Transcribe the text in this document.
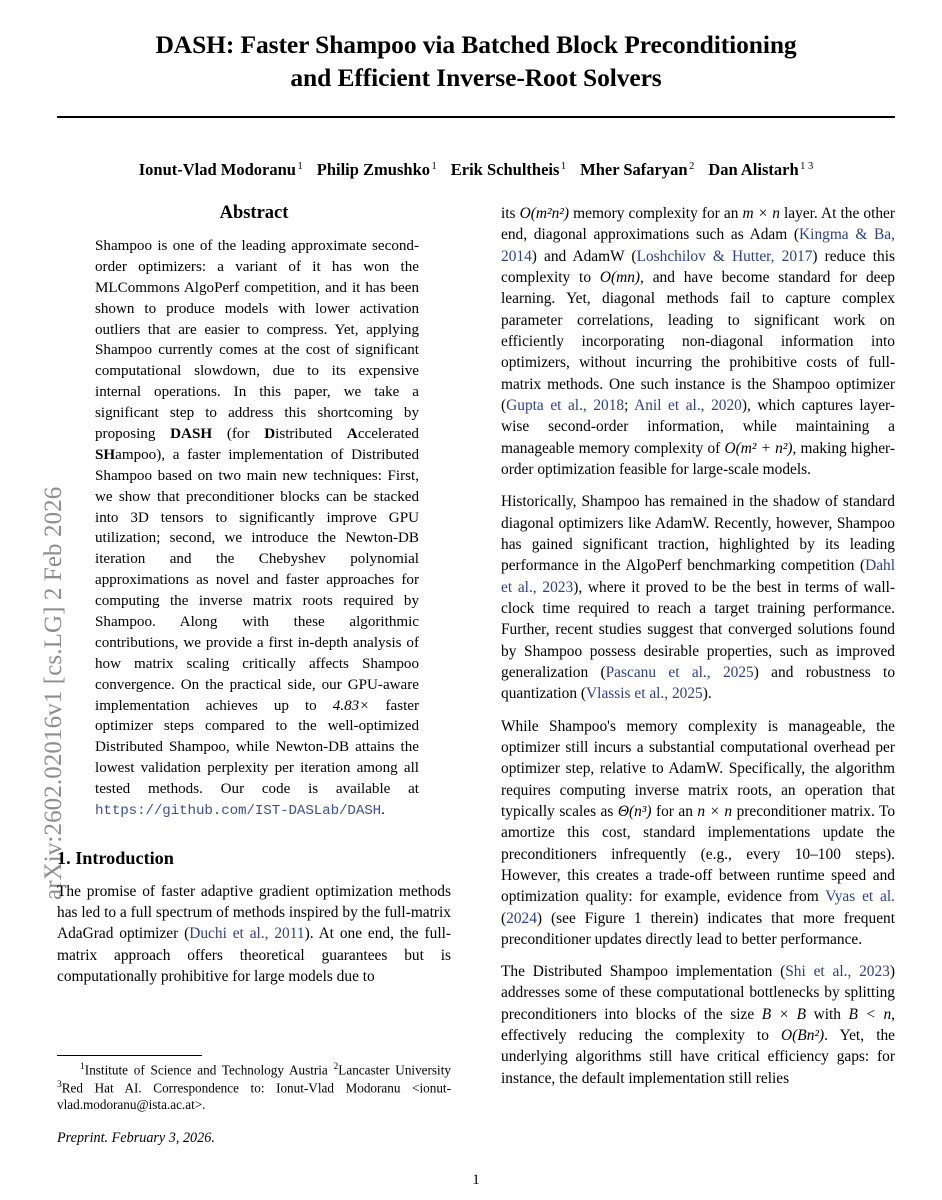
arXiv:2602.02016v1 [cs.LG] 2 Feb 2026
DASH: Faster Shampoo via Batched Block Preconditioning
and Efficient Inverse-Root Solvers
Ionut-Vlad Modoranu $^1$ Philip Zmushko $^1$ Erik Schultheis $^1$ Mher Safaryan $^2$ Dan Alistarh $^{1 3}$
Abstract
Shampoo is one of the leading approximate second-order optimizers: a variant of it has won the MLCommons AlgoPerf competition, and it has been shown to produce models with lower activation outliers that are easier to compress. Yet, applying Shampoo currently comes at the cost of significant computational slowdown, due to its expensive internal operations. In this paper, we take a significant step to address this shortcoming by proposing DASH (for Distributed Accelerated SHampoo), a faster implementation of Distributed Shampoo based on two main new techniques: First, we show that preconditioner blocks can be stacked into 3D tensors to significantly improve GPU utilization; second, we introduce the Newton-DB iteration and the Chebyshev polynomial approximations as novel and faster approaches for computing the inverse matrix roots required by Shampoo. Along with these algorithmic contributions, we provide a first in-depth analysis of how matrix scaling critically affects Shampoo convergence. On the practical side, our GPU-aware implementation achieves up to 4.83× faster optimizer steps compared to the well-optimized Distributed Shampoo, while Newton-DB attains the lowest validation perplexity per iteration among all tested methods. Our code is available at https://github.com/IST-DASLab/DASH.
1. Introduction

The promise of faster adaptive gradient optimization methods has led to a full spectrum of methods inspired by the full-matrix AdaGrad optimizer (Duchi et al., 2011). At one end, the full-matrix approach offers theoretical guarantees but is computationally prohibitive for large models due to

its O(m²n²) memory complexity for an m × n layer. At the other end, diagonal approximations such as Adam (Kingma & Ba, 2014) and AdamW (Loshchilov & Hutter, 2017) reduce this complexity to O(mn), and have become standard for deep learning. Yet, diagonal methods fail to capture complex parameter correlations, leading to significant work on efficiently incorporating non-diagonal information into optimizers, without incurring the prohibitive costs of full-matrix methods. One such instance is the Shampoo optimizer (Gupta et al., 2018; Anil et al., 2020), which captures layer-wise second-order information, while maintaining a manageable memory complexity of O(m² + n²), making higher-order optimization feasible for large-scale models.

Historically, Shampoo has remained in the shadow of standard diagonal optimizers like AdamW. Recently, however, Shampoo has gained significant traction, highlighted by its leading performance in the AlgoPerf benchmarking competition (Dahl et al., 2023), where it proved to be the best in terms of wall-clock time required to reach a target training performance. Further, recent studies suggest that converged solutions found by Shampoo possess desirable properties, such as improved generalization (Pascanu et al., 2025) and robustness to quantization (Vlassis et al., 2025).

While Shampoo's memory complexity is manageable, the optimizer still incurs a substantial computational overhead per optimizer step, relative to AdamW. Specifically, the algorithm requires computing inverse matrix roots, an operation that typically scales as Θ(n³) for an n × n preconditioner matrix. To amortize this cost, standard implementations update the preconditioners infrequently (e.g., every 10–100 steps). However, this creates a trade-off between runtime speed and optimization quality: for example, evidence from Vyas et al. (2024) (see Figure 1 therein) indicates that more frequent preconditioner updates directly lead to better performance.

The Distributed Shampoo implementation (Shi et al., 2023) addresses some of these computational bottlenecks by splitting preconditioners into blocks of the size B × B with B < n, effectively reducing the complexity to O(Bn²). Yet, the underlying algorithms still have critical efficiency gaps: for instance, the default implementation still relies

$^1$Institute of Science and Technology Austria $^2$Lancaster University $^3$Red Hat AI. Correspondence to: Ionut-Vlad Modoranu <ionut-vlad.modoranu@ista.ac.at>.

Preprint. February 3, 2026.

1
